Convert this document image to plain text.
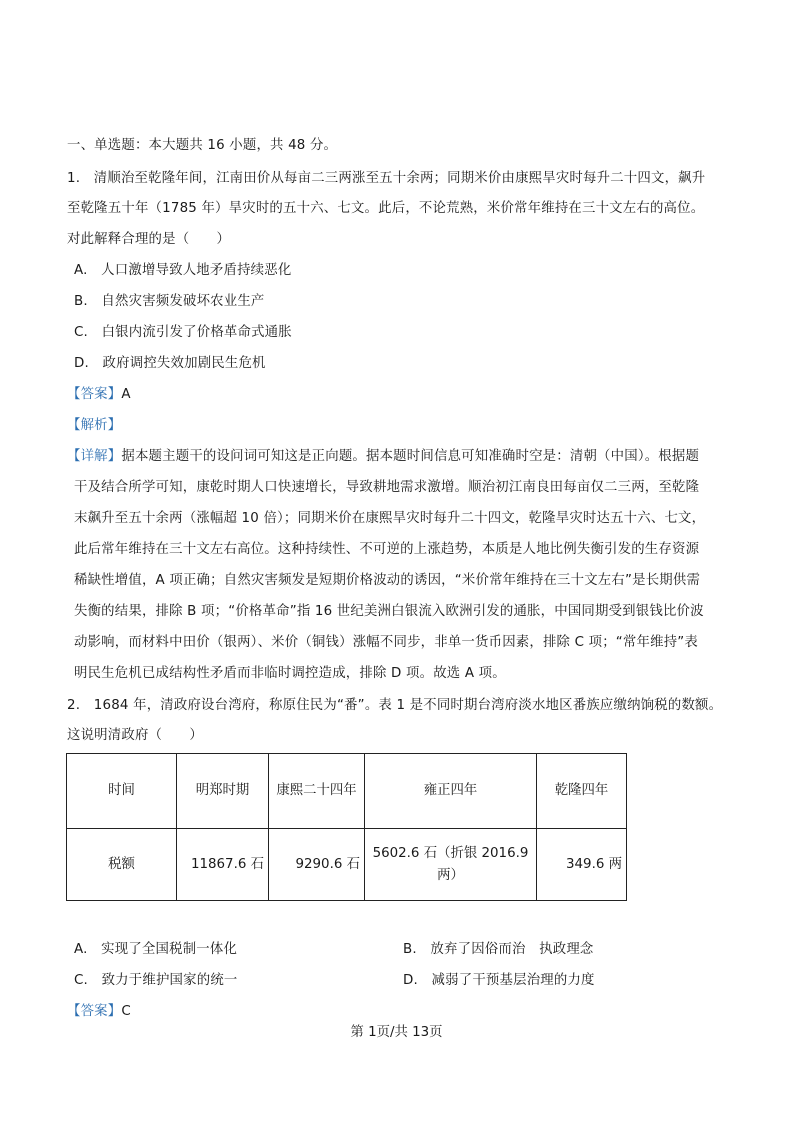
一、单选题：本大题共 16 小题，共 48 分。
1.　清顺治至乾隆年间，江南田价从每亩二三两涨至五十余两；同期米价由康熙旱灾时每升二十四文，飙升
至乾隆五十年（1785 年）旱灾时的五十六、七文。此后，不论荒熟，米价常年维持在三十文左右的高位。
对此解释合理的是（　　）
A.　人口激增导致人地矛盾持续恶化
B.　自然灾害频发破坏农业生产
C.　白银内流引发了价格革命式通胀
D.　政府调控失效加剧民生危机
【答案】A
【解析】
【详解】据本题主题干的设问词可知这是正向题。据本题时间信息可知准确时空是：清朝（中国）。根据题
干及结合所学可知，康乾时期人口快速增长，导致耕地需求激增。顺治初江南良田每亩仅二三两，至乾隆
末飙升至五十余两（涨幅超 10 倍）；同期米价在康熙旱灾时每升二十四文，乾隆旱灾时达五十六、七文，
此后常年维持在三十文左右高位。这种持续性、不可逆的上涨趋势，本质是人地比例失衡引发的生存资源
稀缺性增值，A 项正确；自然灾害频发是短期价格波动的诱因，“米价常年维持在三十文左右”是长期供需
失衡的结果，排除 B 项；“价格革命”指 16 世纪美洲白银流入欧洲引发的通胀，中国同期受到银钱比价波
动影响，而材料中田价（银两）、米价（铜钱）涨幅不同步，非单一货币因素，排除 C 项；“常年维持”表
明民生危机已成结构性矛盾而非临时调控造成，排除 D 项。故选 A 项。
2.　1684 年，清政府设台湾府，称原住民为“番”。表 1 是不同时期台湾府淡水地区番族应缴纳饷税的数额。
这说明清政府（　　）
时间	明郑时期	康熙二十四年	雍正四年	乾隆四年
税额	11867.6 石	9290.6 石	5602.6 石（折银 2016.9 两）	349.6 两
A.　实现了全国税制一体化	B.　放弃了因俗而治　执政理念
C.　致力于维护国家的统一	D.　减弱了干预基层治理的力度
【答案】C
第 1页/共 13页
